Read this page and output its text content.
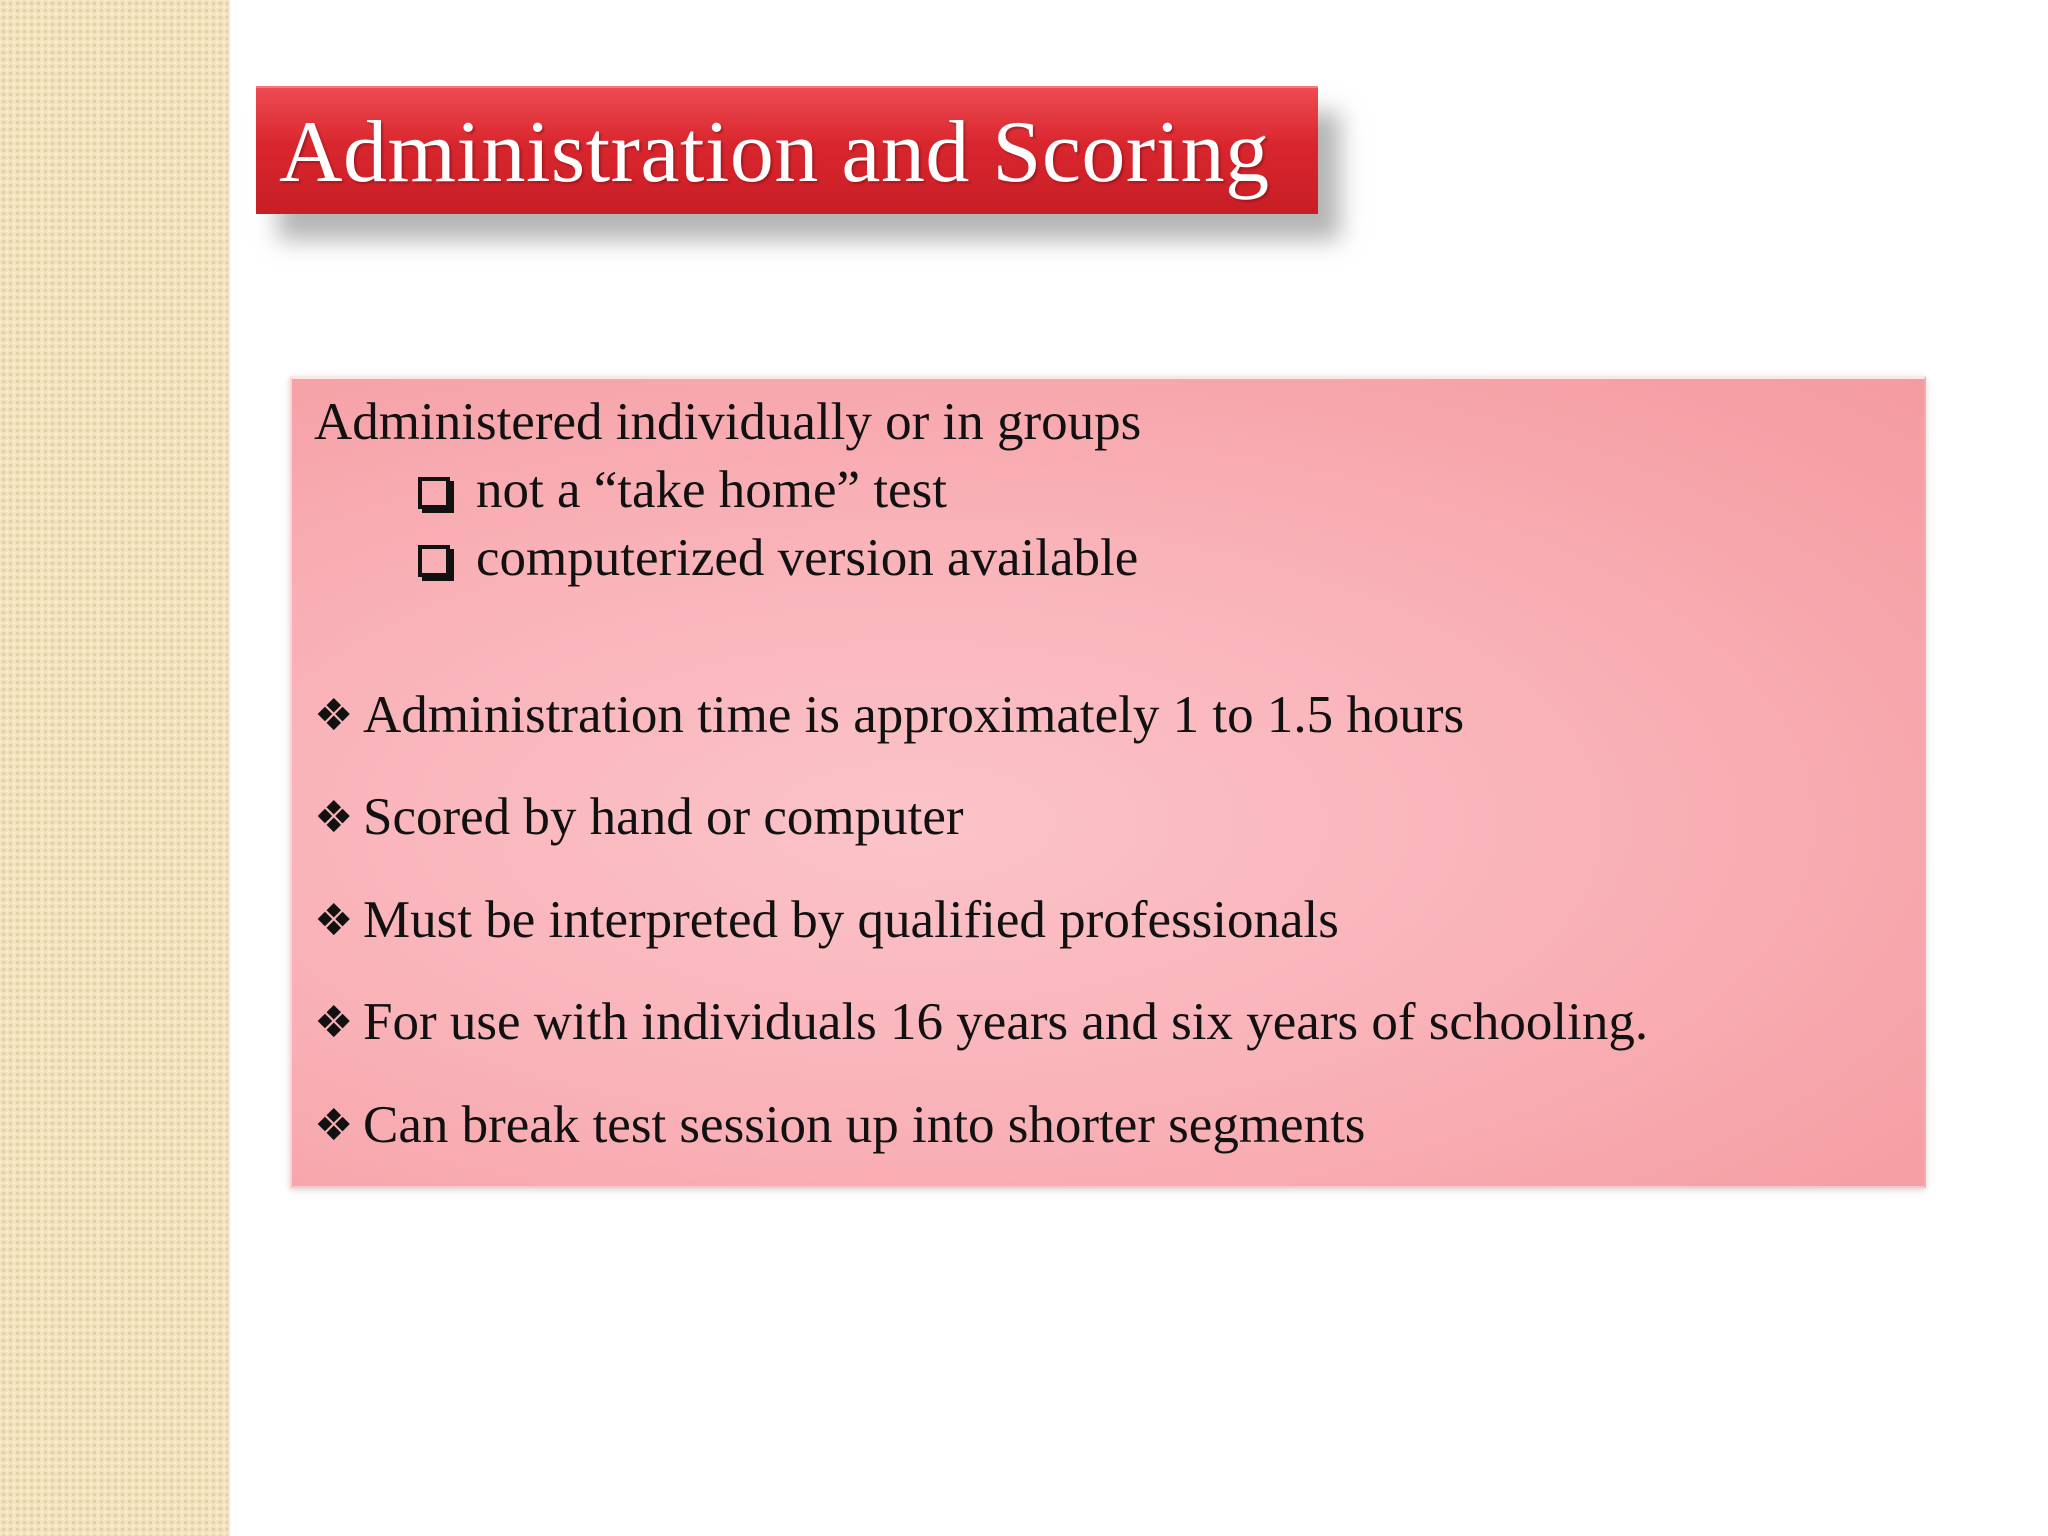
Administration and Scoring
Administered individually or in groups
not a “take home” test
computerized version available
❖ Administration time is approximately 1 to 1.5 hours
❖ Scored by hand or computer
❖ Must be interpreted by qualified professionals
❖ For use with individuals 16 years and six years of schooling.
❖ Can break test session up into shorter segments
